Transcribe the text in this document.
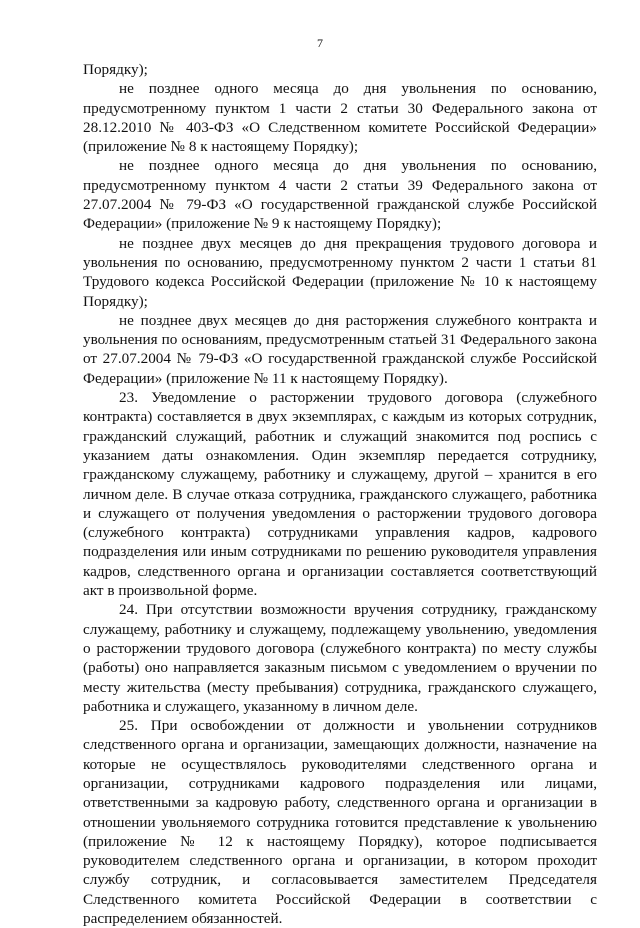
7

Порядку);

не позднее одного месяца до дня увольнения по основанию, предусмотренному пунктом 1 части 2 статьи 30 Федерального закона от 28.12.2010 № 403-ФЗ «О Следственном комитете Российской Федерации» (приложение № 8 к настоящему Порядку);

не позднее одного месяца до дня увольнения по основанию, предусмотренному пунктом 4 части 2 статьи 39 Федерального закона от 27.07.2004 № 79-ФЗ «О государственной гражданской службе Российской Федерации» (приложение № 9 к настоящему Порядку);

не позднее двух месяцев до дня прекращения трудового договора и увольнения по основанию, предусмотренному пунктом 2 части 1 статьи 81 Трудового кодекса Российской Федерации (приложение № 10 к настоящему Порядку);

не позднее двух месяцев до дня расторжения служебного контракта и увольнения по основаниям, предусмотренным статьей 31 Федерального закона от 27.07.2004 № 79-ФЗ «О государственной гражданской службе Российской Федерации» (приложение № 11 к настоящему Порядку).

23. Уведомление о расторжении трудового договора (служебного контракта) составляется в двух экземплярах, с каждым из которых сотрудник, гражданский служащий, работник и служащий знакомится под роспись с указанием даты ознакомления. Один экземпляр передается сотруднику, гражданскому служащему, работнику и служащему, другой – хранится в его личном деле. В случае отказа сотрудника, гражданского служащего, работника и служащего от получения уведомления о расторжении трудового договора (служебного контракта) сотрудниками управления кадров, кадрового подразделения или иным сотрудниками по решению руководителя управления кадров, следственного органа и организации составляется соответствующий акт в произвольной форме.

24. При отсутствии возможности вручения сотруднику, гражданскому служащему, работнику и служащему, подлежащему увольнению, уведомления о расторжении трудового договора (служебного контракта) по месту службы (работы) оно направляется заказным письмом с уведомлением о вручении по месту жительства (месту пребывания) сотрудника, гражданского служащего, работника и служащего, указанному в личном деле.

25. При освобождении от должности и увольнении сотрудников следственного органа и организации, замещающих должности, назначение на которые не осуществлялось руководителями следственного органа и организации, сотрудниками кадрового подразделения или лицами, ответственными за кадровую работу, следственного органа и организации в отношении увольняемого сотрудника готовится представление к увольнению (приложение № 12 к настоящему Порядку), которое подписывается руководителем следственного органа и организации, в котором проходит службу сотрудник, и согласовывается заместителем Председателя Следственного комитета Российской Федерации в соответствии с распределением обязанностей.
